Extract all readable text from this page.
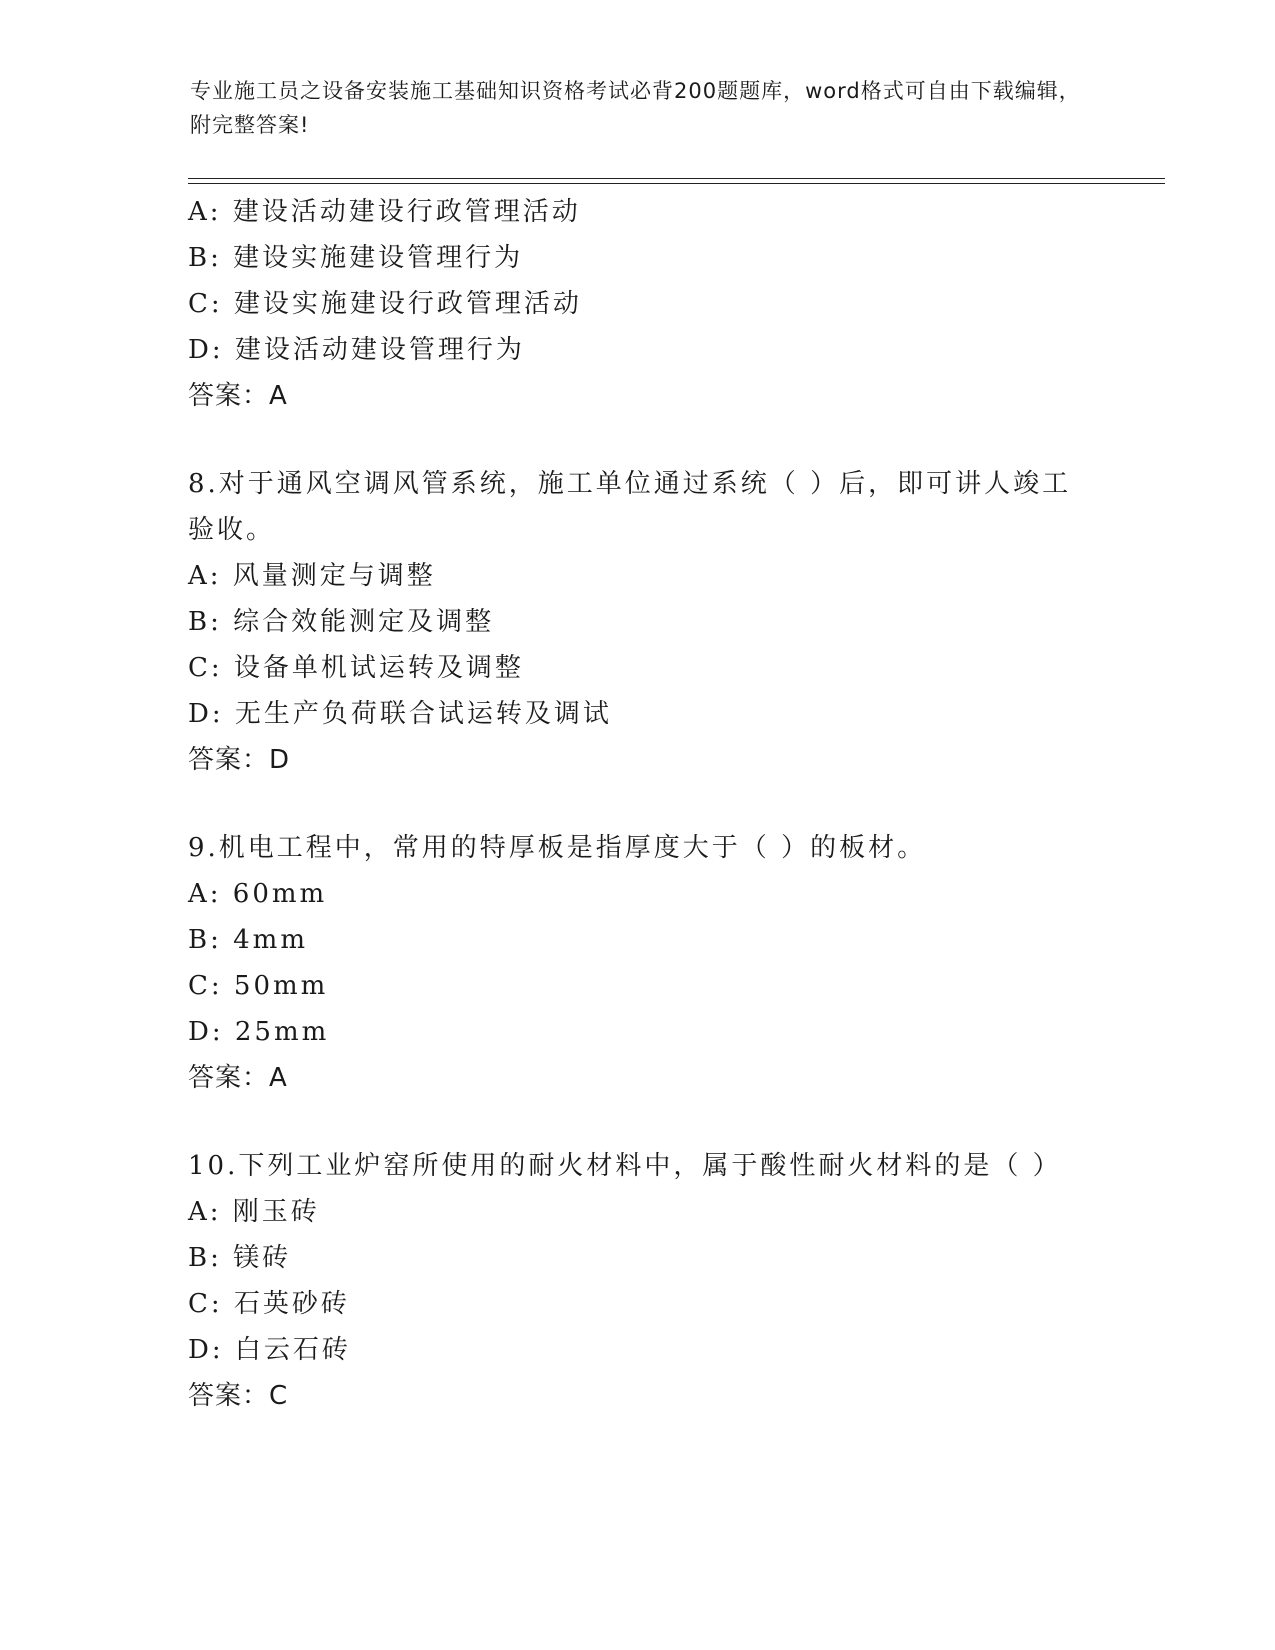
专业施工员之设备安装施工基础知识资格考试必背200题题库，word格式可自由下载编辑，附完整答案!
A: 建设活动建设行政管理活动
B: 建设实施建设管理行为
C: 建设实施建设行政管理活动
D: 建设活动建设管理行为
答案：A
8.对于通风空调风管系统，施工单位通过系统（ ）后，即可讲人竣工验收。
A: 风量测定与调整
B: 综合效能测定及调整
C: 设备单机试运转及调整
D: 无生产负荷联合试运转及调试
答案：D
9.机电工程中，常用的特厚板是指厚度大于（ ）的板材。
A: 60mm
B: 4mm
C: 50mm
D: 25mm
答案：A
10.下列工业炉窑所使用的耐火材料中，属于酸性耐火材料的是（ ）
A: 刚玉砖
B: 镁砖
C: 石英砂砖
D: 白云石砖
答案：C
